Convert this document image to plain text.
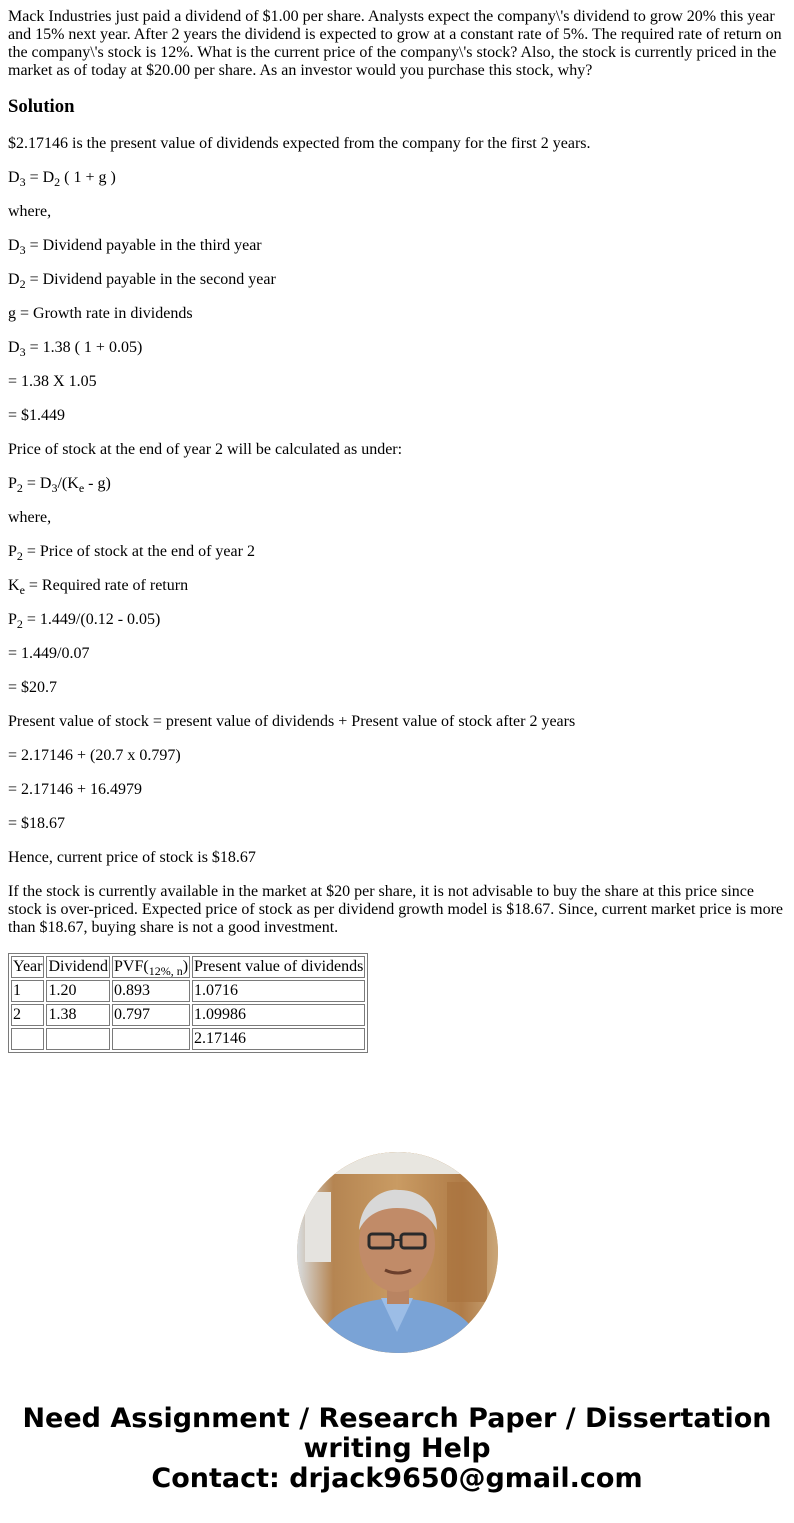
Mack Industries just paid a dividend of $1.00 per share. Analysts expect the company\'s dividend to grow 20% this year and 15% next year. After 2 years the dividend is expected to grow at a constant rate of 5%. The required rate of return on the company\'s stock is 12%. What is the current price of the company\'s stock? Also, the stock is currently priced in the market as of today at $20.00 per share. As an investor would you purchase this stock, why?
Solution

$2.17146 is the present value of dividends expected from the company for the first 2 years.

$D_3 = D_2$ ( 1 + g )

where,

$D_3$ = Dividend payable in the third year

$D_2$ = Dividend payable in the second year

g = Growth rate in dividends

$D_3 = 1.38$ ( 1 + 0.05)

= 1.38 X 1.05

= $1.449

Price of stock at the end of year 2 will be calculated as under:

$P_2 = D_3/(K_e - g)$

where,

$P_2$ = Price of stock at the end of year 2

$K_e$ = Required rate of return

$P_2 = 1.449/(0.12 - 0.05)$

= 1.449/0.07

= $20.7

Present value of stock = present value of dividends + Present value of stock after 2 years

= 2.17146 + (20.7 x 0.797)

= 2.17146 + 16.4979

= $18.67

Hence, current price of stock is $18.67

If the stock is currently available in the market at $20 per share, it is not advisable to buy the share at this price since stock is over-priced. Expected price of stock as per dividend growth model is $18.67. Since, current market price is more than $18.67, buying share is not a good investment.

Year	Dividend	$PVF(_{12\%, n})$	Present value of dividends
1	1.20	0.893	1.0716
2	1.38	0.797	1.09986
			2.17146
Need Assignment / Research Paper / Dissertation
writing Help
Contact: drjack9650@gmail.com
